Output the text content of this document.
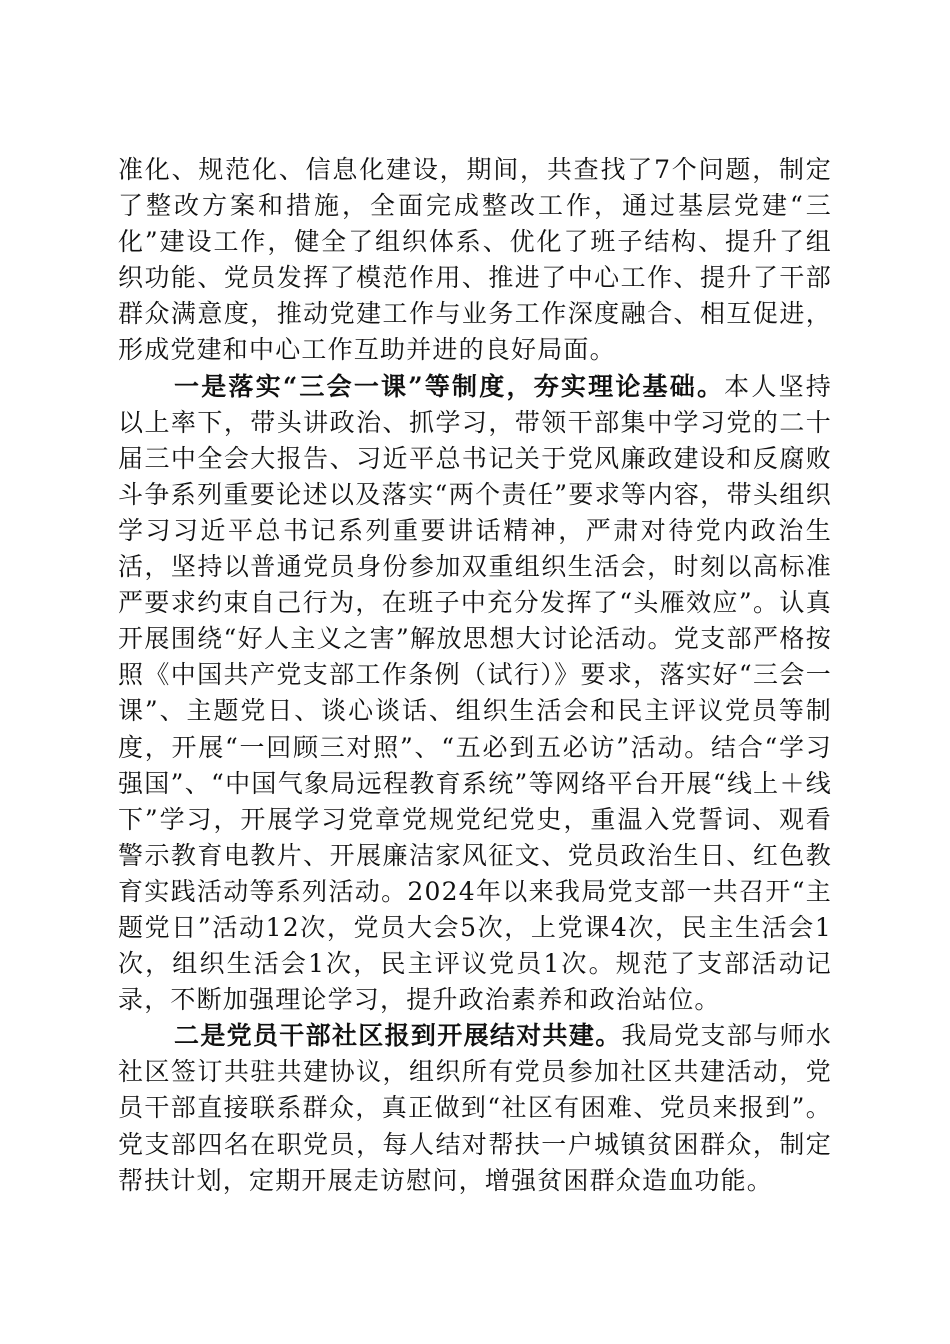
准化、规范化、信息化建设，期间，共查找了7个问题，制定了整改方案和措施，全面完成整改工作，通过基层党建“三化”建设工作，健全了组织体系、优化了班子结构、提升了组织功能、党员发挥了模范作用、推进了中心工作、提升了干部群众满意度，推动党建工作与业务工作深度融合、相互促进，形成党建和中心工作互助并进的良好局面。

一是落实“三会一课”等制度，夯实理论基础。本人坚持以上率下，带头讲政治、抓学习，带领干部集中学习党的二十届三中全会大报告、习近平总书记关于党风廉政建设和反腐败斗争系列重要论述以及落实“两个责任”要求等内容，带头组织学习习近平总书记系列重要讲话精神，严肃对待党内政治生活，坚持以普通党员身份参加双重组织生活会，时刻以高标准严要求约束自己行为，在班子中充分发挥了“头雁效应”。认真开展围绕“好人主义之害”解放思想大讨论活动。党支部严格按照《中国共产党支部工作条例（试行）》要求，落实好“三会一课”、主题党日、谈心谈话、组织生活会和民主评议党员等制度，开展“一回顾三对照”、“五必到五必访”活动。结合“学习强国”、“中国气象局远程教育系统”等网络平台开展“线上＋线下”学习，开展学习党章党规党纪党史，重温入党誓词、观看警示教育电教片、开展廉洁家风征文、党员政治生日、红色教育实践活动等系列活动。2024年以来我局党支部一共召开“主题党日”活动12次，党员大会5次，上党课4次，民主生活会1次，组织生活会1次，民主评议党员1次。规范了支部活动记录，不断加强理论学习，提升政治素养和政治站位。

二是党员干部社区报到开展结对共建。我局党支部与师水社区签订共驻共建协议，组织所有党员参加社区共建活动，党员干部直接联系群众，真正做到“社区有困难、党员来报到”。党支部四名在职党员，每人结对帮扶一户城镇贫困群众，制定帮扶计划，定期开展走访慰问，增强贫困群众造血功能。
